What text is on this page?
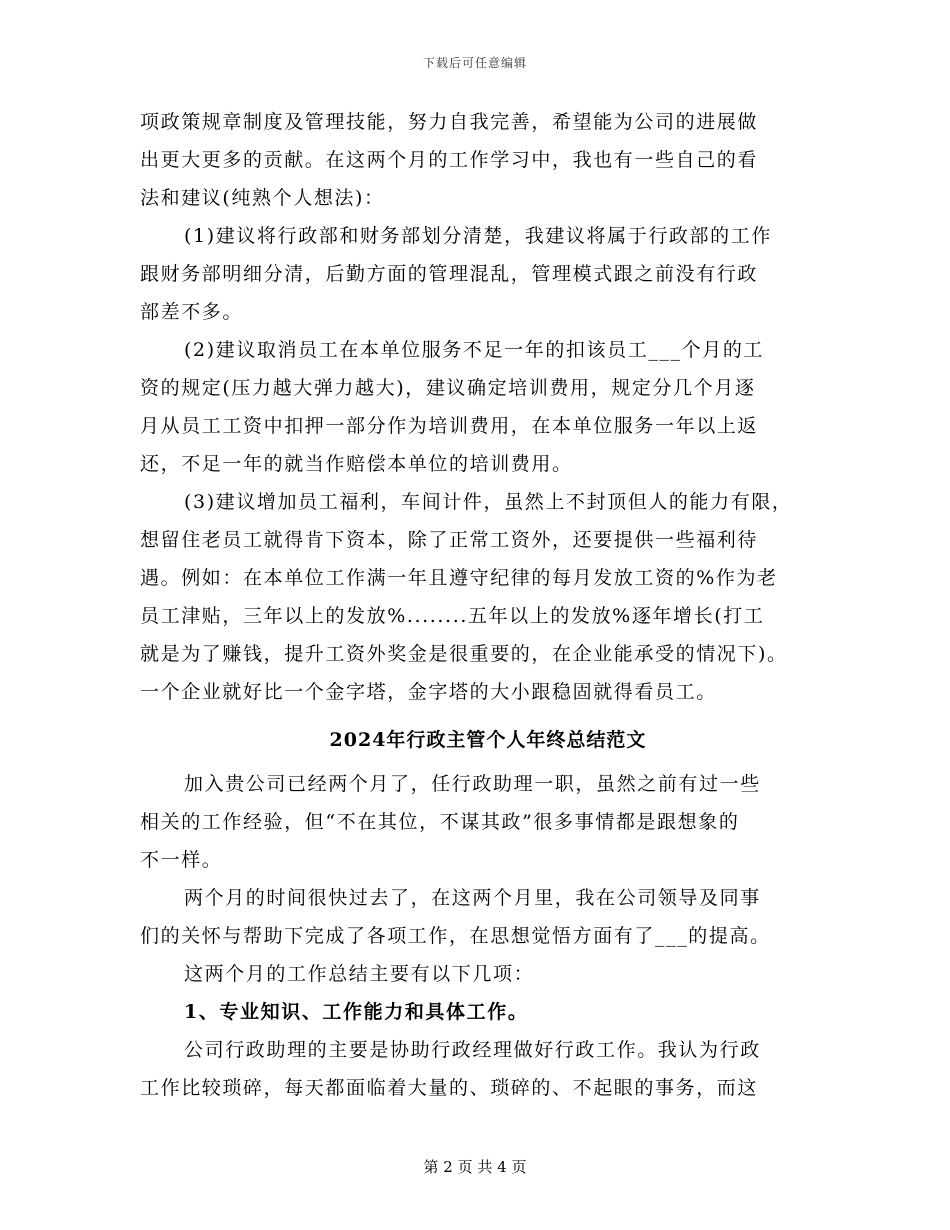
下载后可任意编辑
项政策规章制度及管理技能，努力自我完善，希望能为公司的进展做
出更大更多的贡献。在这两个月的工作学习中，我也有一些自己的看
法和建议(纯熟个人想法)：
(1)建议将行政部和财务部划分清楚，我建议将属于行政部的工作
跟财务部明细分清，后勤方面的管理混乱，管理模式跟之前没有行政
部差不多。
(2)建议取消员工在本单位服务不足一年的扣该员工___个月的工
资的规定(压力越大弹力越大)，建议确定培训费用，规定分几个月逐
月从员工工资中扣押一部分作为培训费用，在本单位服务一年以上返
还，不足一年的就当作赔偿本单位的培训费用。
(3)建议增加员工福利，车间计件，虽然上不封顶但人的能力有限，
想留住老员工就得肯下资本，除了正常工资外，还要提供一些福利待
遇。例如：在本单位工作满一年且遵守纪律的每月发放工资的%作为老
员工津贴，三年以上的发放%........五年以上的发放%逐年增长(打工
就是为了赚钱，提升工资外奖金是很重要的，在企业能承受的情况下)。
一个企业就好比一个金字塔，金字塔的大小跟稳固就得看员工。
2024年行政主管个人年终总结范文
加入贵公司已经两个月了，任行政助理一职，虽然之前有过一些
相关的工作经验，但“不在其位，不谋其政”很多事情都是跟想象的
不一样。
两个月的时间很快过去了，在这两个月里，我在公司领导及同事
们的关怀与帮助下完成了各项工作，在思想觉悟方面有了___的提高。
这两个月的工作总结主要有以下几项：
1、专业知识、工作能力和具体工作。
公司行政助理的主要是协助行政经理做好行政工作。我认为行政
工作比较琐碎，每天都面临着大量的、琐碎的、不起眼的事务，而这
第 2 页 共 4 页
